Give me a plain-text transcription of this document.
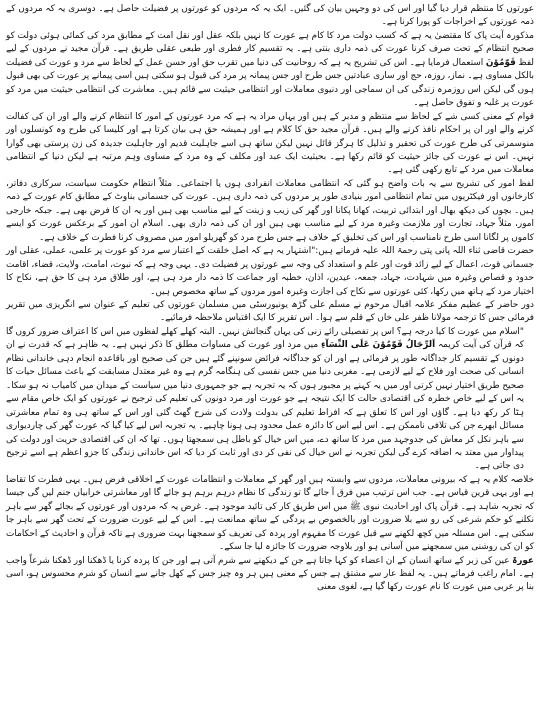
عورتوں کا منتظم قرار دیا گیا اور اس کی دو وجہیں بیان کی گئیں۔ ایک یہ کہ مردوں کو عورتوں پر فضیلت حاصل ہے۔ دوسری یہ کہ مردوں کے ذمہ عورتوں کے اخراجات کو پورا کرنا ہے۔

مذکورہ آیت پاک کا مقتضیٰ یہ ہے کہ کسب دولت مرد کا کام ہے عورت کا نہیں بلکہ عقل اور نقل امت کے مطابق مرد کی کمائی ہوئی دولت کو صحیح انتظام کے تحت صرف کرنا عورت کی ذمہ داری بنتی ہے۔ یہ تقسیم کار فطری اور طبعی عقلی طریق ہے۔ قرآن مجید نے مردوں کے لیے لفظ قَوّٰمُوْنَ استعمال فرمایا ہے۔ اس کی تشریح یہ ہے کہ روحانیت کی دنیا میں تقرب حق اور حسن عمل کے لحاظ سے مرد و عورت کی فضیلت بالکل مساوی ہے۔ نماز، روزہ، حج اور ساری عبادتیں جس طرح اور جس پیمانہ پر مرد کی قبول ہو سکتی ہیں اسی پیمانے پر عورت کی بھی قبول ہوں گی لیکن اس روزمرہ زندگی کی ان سماجی اور دنیوی معاملات اور انتظامی حیثیت سے قائم ہیں۔ معاشرت کی انتظامی حیثیت میں مرد کو عورت پر غلبہ و تفوق حاصل ہے۔

قوام کے معنی کسی شے کے لحاظ سے منتظم و مدبر کے ہیں اور یہاں مراد یہ ہے کہ مرد عورتوں کے امور کا انتظام کرنے والے اور ان کی کفالت کرنے والے اور ان پر احکام نافذ کرنے والے ہیں۔ قرآن مجید حق کا کلام ہے اور ہمیشہ حق ہی بیان کرتا ہے اور کلیسا کی طرح وہ کونسلوں اور منوسمرتی کی طرح عورت کی تحقیر و تذلیل کا ہرگز قائل نہیں لیکن ساتھ ہی اسے جاہلیت قدیم اور جاہلیت جدیدہ کی زن پرستی بھی گوارا نہیں۔ اس نے عورت کی جائز حیثیت کو قائم رکھا ہے۔ بحیثیت ایک عبد اور مکلف کے وہ مرد کے مساوی وہم مرتبہ ہے لیکن دنیا کے انتظامی معاملات میں مرد کے تابع رکھی گئی ہے۔

لفظ امور کی تشریح سے یہ بات واضح ہو گئی کہ انتظامی معاملات انفرادی ہوں یا اجتماعی۔ مثلاً انتظام حکومت سیاست، سرکاری دفاتر، کارخانوں اور فیکٹریوں میں تمام انتظامی امور بنیادی طور پر مردوں کی ذمہ داری ہیں۔ عورت کی جسمانی بناوٹ کے مطابق کام عورت کے ذمہ ہیں۔ بچوں کی دیکھ بھال اور ابتدائی تربیت، کھانا پکانا اور گھر کی زیب و زینت کے لیے مناسب بھی ہیں اور یہ ان کا فرض بھی ہے۔ جبکہ خارجی امور، مثلاً جہاد، تجارت اور ملازمت وغیرہ مرد کے لیے مناسب بھی ہیں اور ان کی ذمہ داری بھی۔ اسلام ان امور کے برعکس عورت کو ایسے کاموں پر لگانا اسی طرح نامناسب اور اس کی تخلیق کے خلاف ہے جس طرح مرد کو گھریلو امور میں مصروف کرنا فطرت کے خلاف ہے۔

حضرت قاضی ثناء اللہ پانی پتی رحمۃ اللہ علیہ فرماتے ہیں:"اشتہار یہ ہے کہ اصل خلقت کے اعتبار سے مرد کو عورت پر علمی، عملی، عقلی اور جسمانی قوت، اعمال کے لیے زائد قوت اور علم و استعداد کی وجہ سے عورتوں پر فضیلت دی۔ یہی وجہ ہے کہ نبوت، امامت، ولایت، قضاء، اقامت حدود و قصاص وغیرہ میں شہادت، جہاد، جمعہ، عیدین، اذان، خطبہ اور جماعت کا ذمہ دار مرد ہی ہے، اور طلاق مرد ہی کا حق ہے، نکاح کا اختیار مرد کے ہاتھ میں رکھا، کئی عورتوں سے نکاح کی اجازت وغیرہ امور مردوں کے ساتھ مخصوص ہیں۔

دور حاضر کے عظیم مفکر علامہ اقبال مرحوم نے مسلم علی گڑھ یونیورسٹی میں مسلمان عورتوں کی تعلیم کے عنوان سے انگریزی میں تقریر فرمائی جس کا ترجمہ مولانا ظفر علی خاں کے قلم سے ہوا۔ اس تقریر کا ایک اقتباس ملاحظہ فرمائیے۔

"اسلام میں عورت کا کیا درجہ ہے؟ اس پر تفصیلی رائے زنی کی یہاں گنجائش نہیں۔ البتہ کھلے کھلے لفظوں میں اس کا اعتراف ضرور کروں گا کہ قرآن کی آیت کریمہ اَلرِّجَالُ قَوّٰمُوْنَ عَلَی النِّسَآءِ میں مرد اور عورت کی مساوات مطلق کا ذکر نہیں ہے۔ یہ ظاہر ہے کہ قدرت نے ان دونوں کے تقسیم کار جداگانہ طور پر فرمائی ہے اور ان کو جداگانہ فرائض سونپنے گئے ہیں جن کی صحیح اور باقاعدہ انجام دہی خاندانی نظام انسانی کی صحت اور فلاح کے لیے لازمی ہے۔ مغربی دنیا میں جس نفسی کی ہنگامہ گرم ہے وہ غیر معتدل مسابقت کے باعث مسائل حیات کا صحیح طریق اختیار نہیں کرتی اور میں یہ کہنے پر مجبور ہوں کہ یہ تجربہ ہے جو جمہوری دنیا میں سیاست کے میدان میں کامیاب نہ ہو سکا۔ یہ اس کے لیے خاص خطرہ کی اقتصادی حالت کا ایک نتیجہ ہے جو عورت اور مرد دونوں کی تعلیم کی ترجیح نے عورتوں کو ایک خاص مقام سے ہٹا کر رکھ دیا ہے۔ گاؤں اور اس کا تعلق ہے کہ افراط تعلیم کی بدولت ولادت کی شرح گھٹ گئی اور اس کے ساتھ ہی وہ تمام معاشرتی مسائل ابھرے جن کی تلافی ناممکن ہے۔ اس لیے اس کا دائرہ عمل محدود ہی ہونا چاہیے۔ یہ تجربہ اس لیے کیا گیا کہ عورت گھر کی چاردیواری سے باہر نکل کر معاش کی جدوجہد میں مرد کا ساتھ دے، میں اس خیال کو باطل ہی سمجھتا ہوں۔ تھا کہ ان کی اقتصادی حریت اور دولت کی پیداوار میں معتد بہ اضافہ کرے گی لیکن تجربہ نے اس خیال کی نفی کر دی اور ثابت کر دیا کہ اس خاندانی زندگی کا جزو اعظم ہے اسے ترجیح دی جاتی ہے۔

خلاصہ کلام یہ ہے کہ بیرونی معاملات، مردوں سے وابستہ ہیں اور گھر کے معاملات و انتظامات عورت کے اخلاقی فرض ہیں۔ یہی فطرت کا تقاضا ہے اور یہی قرین قیاس ہے۔ جب اس ترتیب میں فرق آ جائے گا تو زندگی کا نظام درہم برہم ہو جائے گا اور معاشرتی خرابیاں جنم لیں گی جیسا کہ تجربہ شاہد ہے۔ قرآن پاک اور احادیث نبوی ﷺ میں اس طریق کار کی تائید موجود ہے۔ غرض یہ کہ مردوں اور عورتوں کے بجائے گھر سے باہر نکلنے کو حکم شرعی کی رو سے بلا ضرورت اور بالخصوص بے پردگی کے ساتھ ممانعت ہے۔ اس کے لیے عورت ضرورت کے تحت گھر سے باہر جا سکتی ہے۔ اس مسئلہ میں کچھ لکھنے سے قبل عورت کا مفہوم اور پردہ کی تعریف کو سمجھنا بہت ضروری ہے تاکہ قرآن و احادیث کے احکامات کو ان کی روشنی میں سمجھنے میں آسانی ہو اور بلاوجہ ضرورت کا جائزہ لیا جا سکے۔

عورۃ عین کی زبر کے ساتھ انسان کے ان اعضاء کو کہا جاتا ہے جن کے دیکھنے سے شرم آتی ہے اور جن کا پردہ کرنا یا ڈھکنا اور ڈھکنا شرعاً واجب ہے۔ امام راغب فرماتے ہیں۔ یہ لفظ عار سے مشتق ہے جس کے معنی ہیں ہر وہ چیز جس کے کھل جانے سے انسان کو شرم محسوس ہو، اسی بنا پر عربی میں عورت کا نام عورت رکھا گیا ہے، لغوی معنی
